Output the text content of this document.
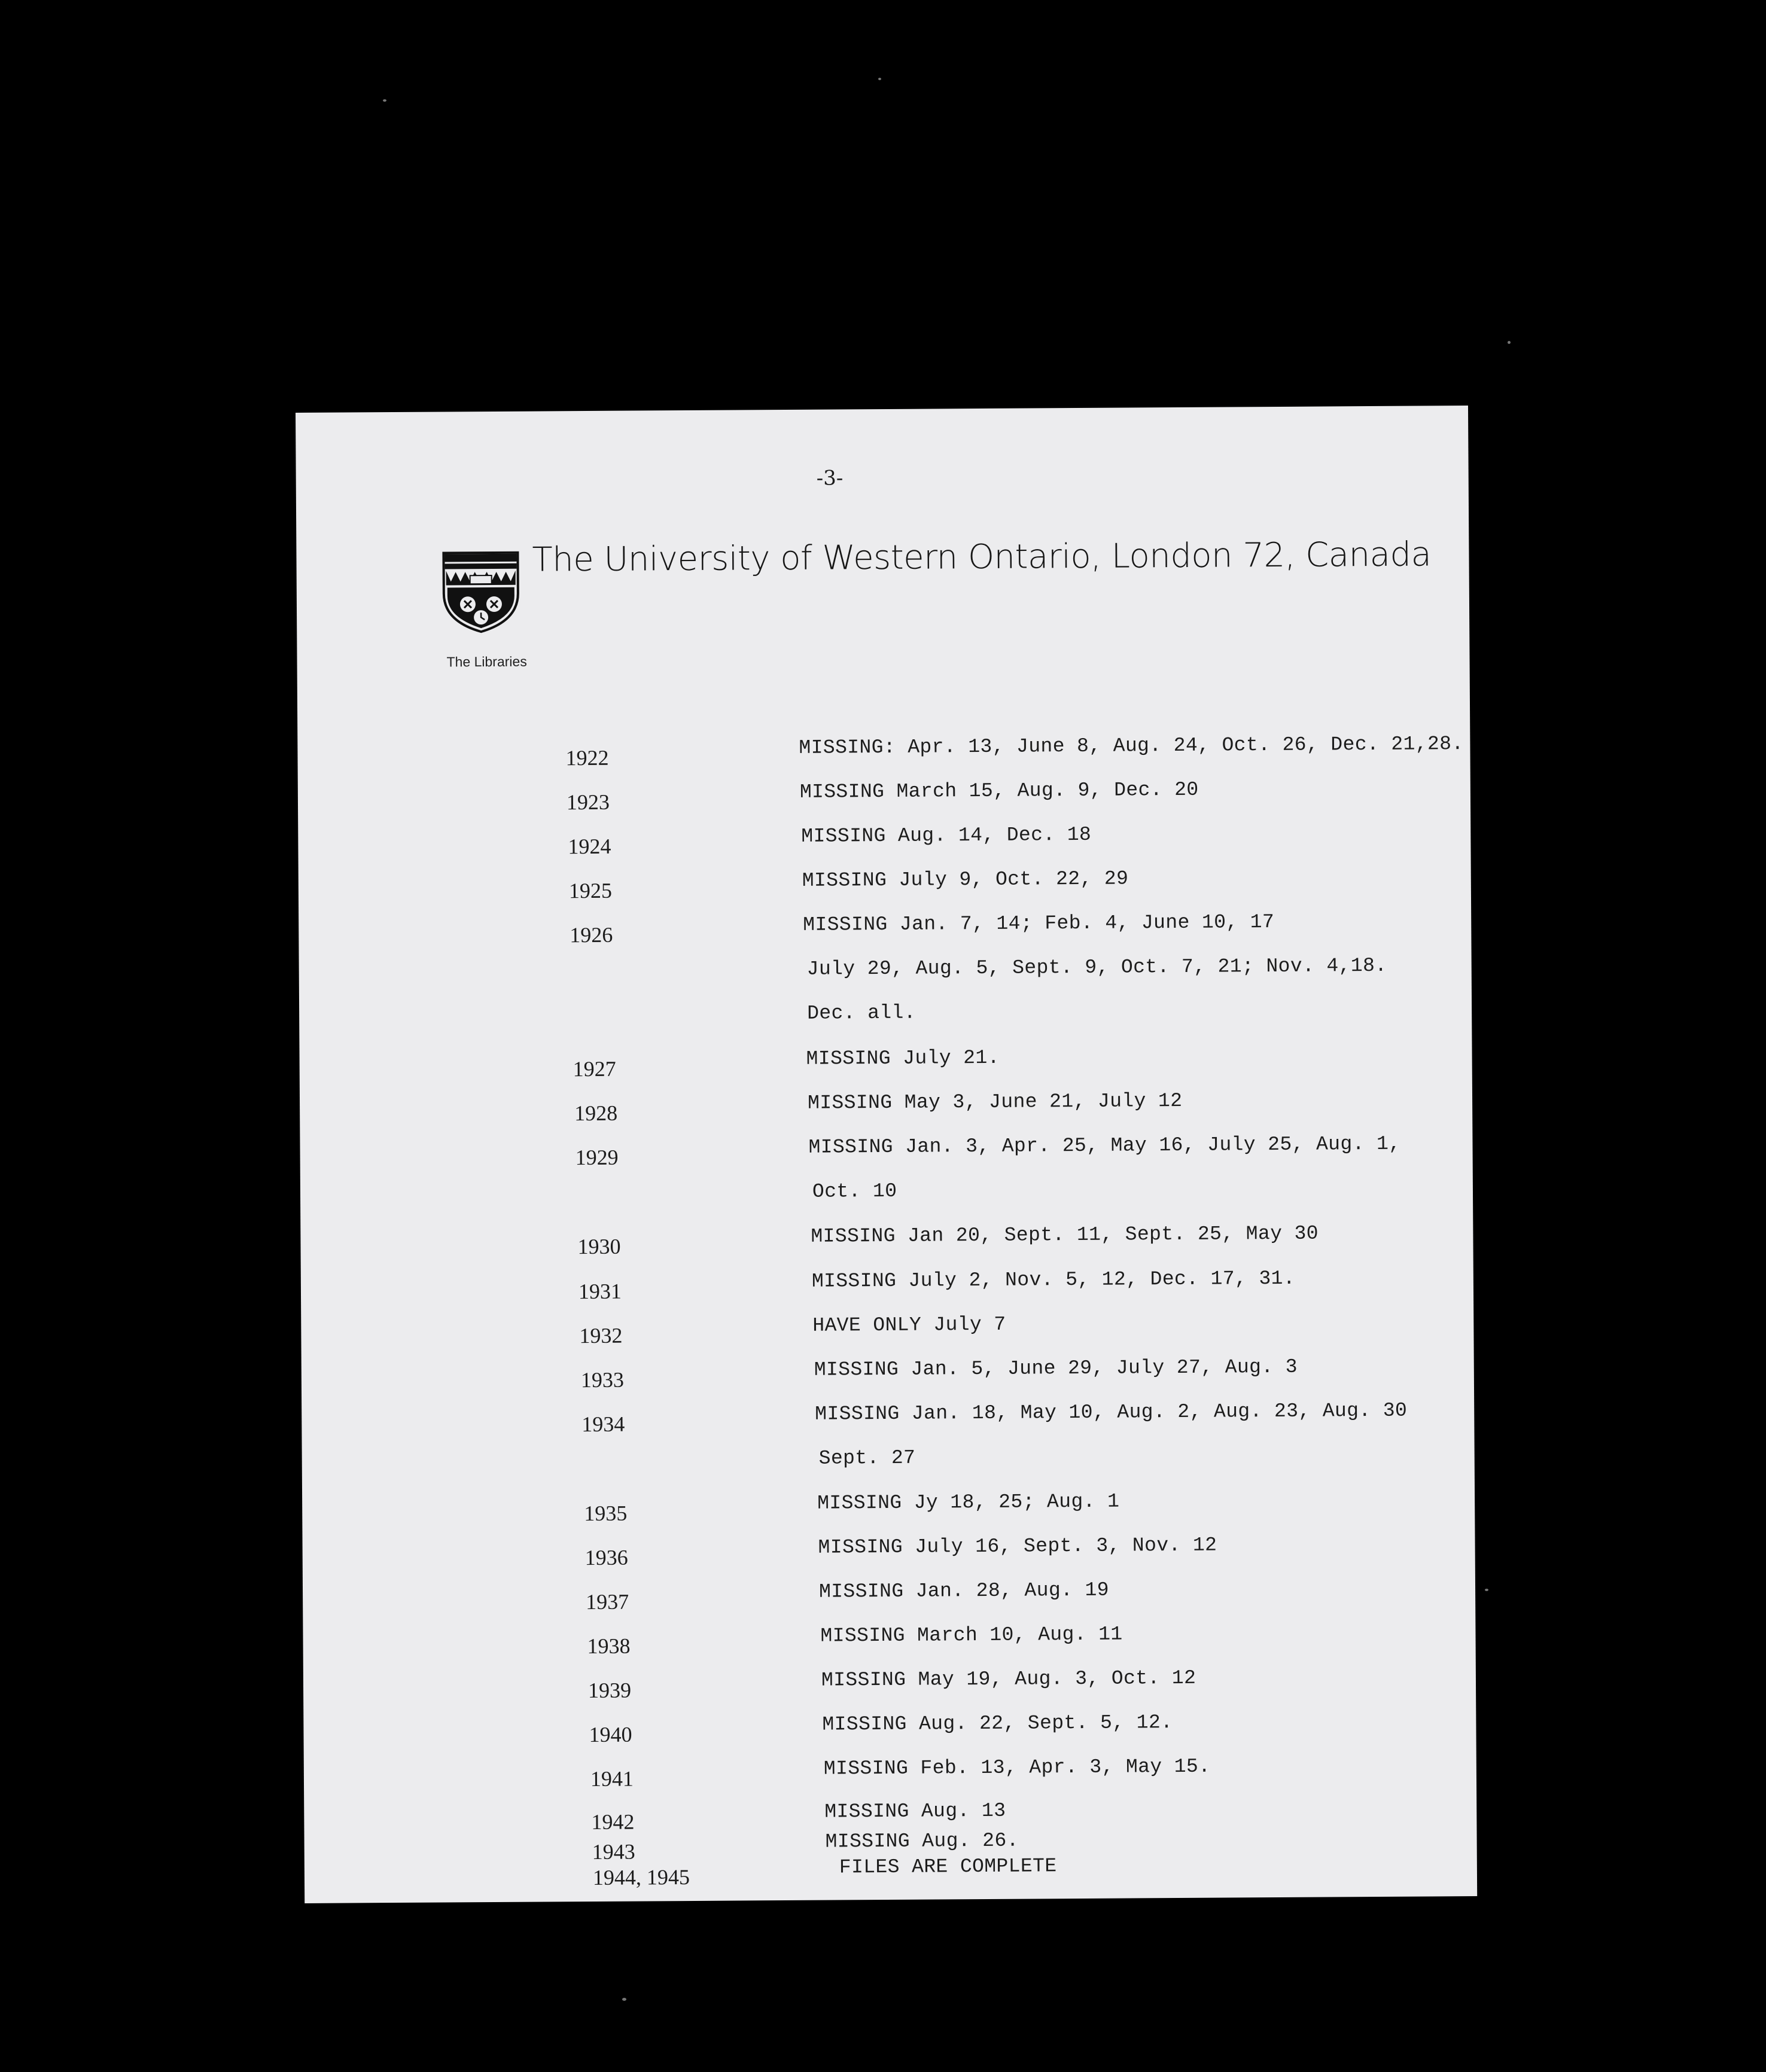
-3-
The University of Western Ontario, London 72, Canada
The Libraries
1922	MISSING: Apr. 13, June 8, Aug. 24, Oct. 26, Dec. 21,28.
1923	MISSING March 15, Aug. 9, Dec. 20
1924	MISSING Aug. 14, Dec. 18
1925	MISSING July 9, Oct. 22, 29
1926	MISSING Jan. 7, 14; Feb. 4, June 10, 17
July 29, Aug. 5, Sept. 9, Oct. 7, 21; Nov. 4,18.
Dec. all.
1927	MISSING July 21.
1928	MISSING May 3, June 21, July 12
1929	MISSING Jan. 3, Apr. 25, May 16, July 25, Aug. 1,
Oct. 10
1930	MISSING Jan 20, Sept. 11, Sept. 25, May 30
1931	MISSING July 2, Nov. 5, 12, Dec. 17, 31.
1932	HAVE ONLY July 7
1933	MISSING Jan. 5, June 29, July 27, Aug. 3
1934	MISSING Jan. 18, May 10, Aug. 2, Aug. 23, Aug. 30
Sept. 27
1935	MISSING Jy 18, 25; Aug. 1
1936	MISSING July 16, Sept. 3, Nov. 12
1937	MISSING Jan. 28, Aug. 19
1938	MISSING March 10, Aug. 11
1939	MISSING May 19, Aug. 3, Oct. 12
1940	MISSING Aug. 22, Sept. 5, 12.
1941	MISSING Feb. 13, Apr. 3, May 15.
1942	MISSING Aug. 13
1943	MISSING Aug. 26.
1944, 1945	FILES ARE COMPLETE
